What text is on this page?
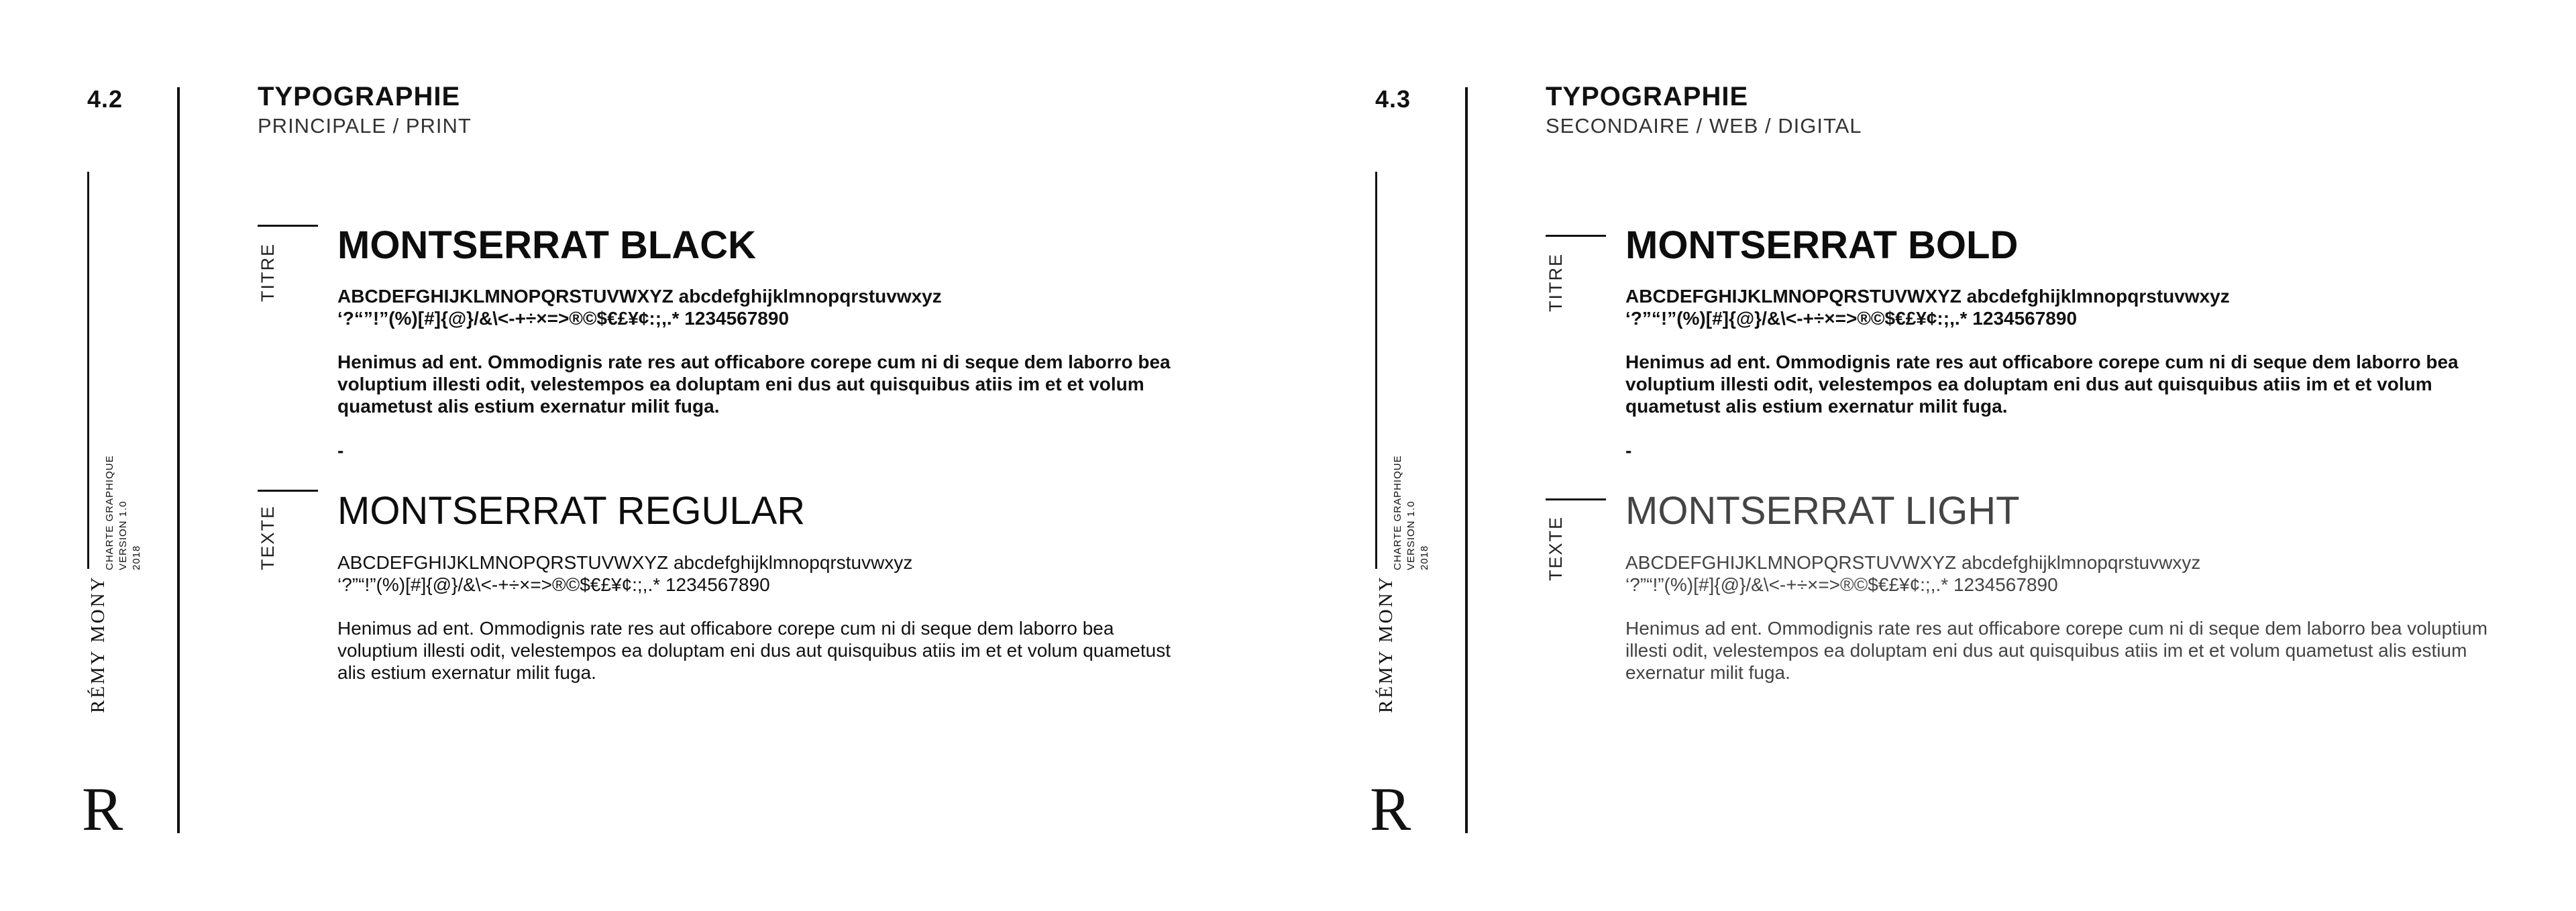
4.2	TYPOGRAPHIE
PRINCIPALE / PRINT
CHARTE GRAPHIQUE VERSION 1.0 2018
RÉMY MONY
R
TITRE MONTSERRAT BLACK
ABCDEFGHIJKLMNOPQRSTUVWXYZ abcdefghijklmnopqrstuvwxyz
‘?“”!”(%)[#]{@}/&\<-+÷×=>®©$€£¥¢:;,.* 1234567890
Henimus ad ent. Ommodignis rate res aut officabore corepe cum ni di seque dem laborro bea voluptium illesti odit, velestempos ea doluptam eni dus aut quisquibus atiis im et et volum quametust alis estium exernatur milit fuga.
-
TEXTE MONTSERRAT REGULAR
ABCDEFGHIJKLMNOPQRSTUVWXYZ abcdefghijklmnopqrstuvwxyz
‘?”“!”(%)[#]{@}/&\<-+÷×=>®©$€£¥¢:;,.* 1234567890
Henimus ad ent. Ommodignis rate res aut officabore corepe cum ni di seque dem laborro bea voluptium illesti odit, velestempos ea doluptam eni dus aut quisquibus atiis im et et volum quametust alis estium exernatur milit fuga.
4.3	TYPOGRAPHIE
SECONDAIRE / WEB / DIGITAL
CHARTE GRAPHIQUE VERSION 1.0 2018
RÉMY MONY
R
TITRE
MONTSERRAT BOLD
ABCDEFGHIJKLMNOPQRSTUVWXYZ abcdefghijklmnopqrstuvwxyz
‘?”“!”(%)[#]{@}/&\<-+÷×=>®©$€£¥¢:;,.* 1234567890
Henimus ad ent. Ommodignis rate res aut officabore corepe cum ni di seque dem laborro bea voluptium illesti odit, velestempos ea doluptam eni dus aut quisquibus atiis im et et volum quametust alis estium exernatur milit fuga.
-
TEXTE
MONTSERRAT LIGHT
ABCDEFGHIJKLMNOPQRSTUVWXYZ abcdefghijklmnopqrstuvwxyz
‘?”“!”(%)[#]{@}/&\<-+÷×=>®©$€£¥¢:;,.* 1234567890
Henimus ad ent. Ommodignis rate res aut officabore corepe cum ni di seque dem laborro bea voluptium illesti odit, velestempos ea doluptam eni dus aut quisquibus atiis im et et volum quametust alis estium exernatur milit fuga.
